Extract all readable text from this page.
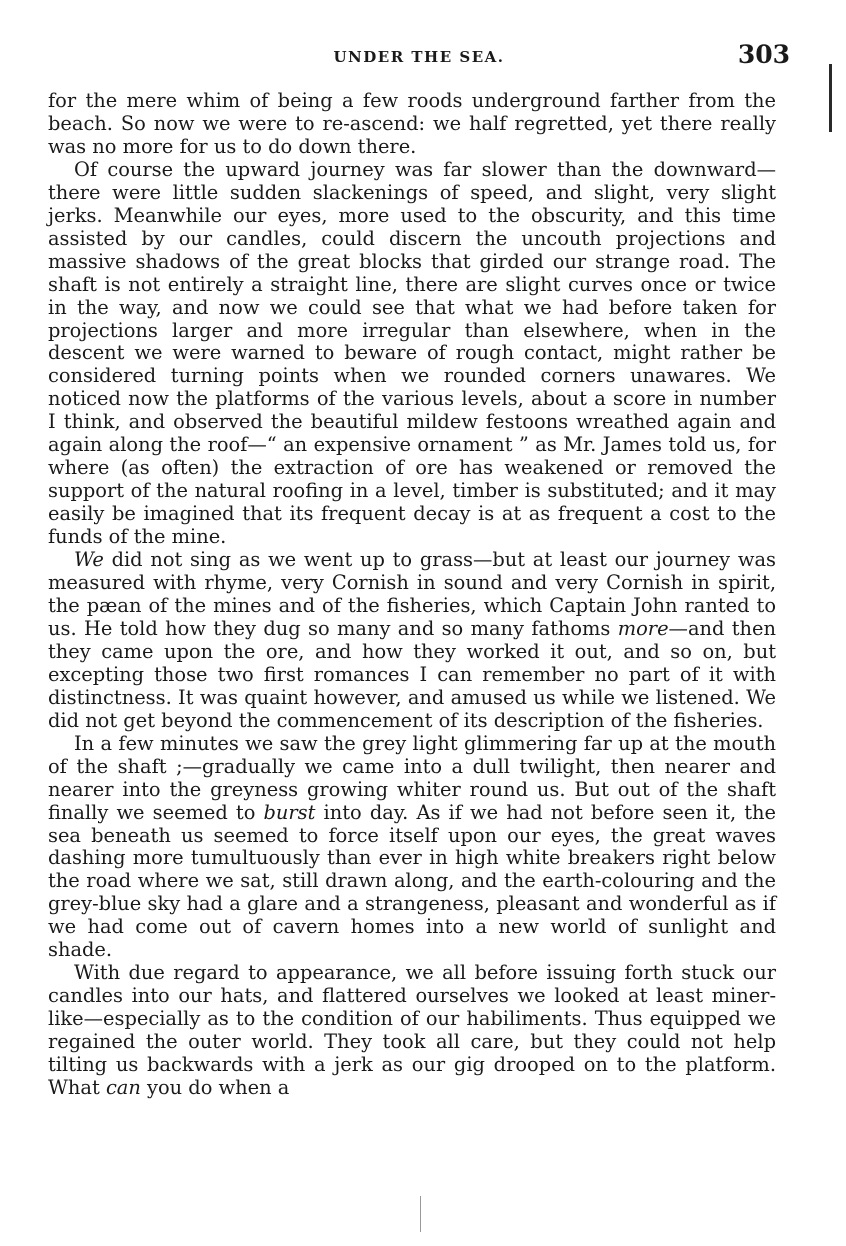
UNDER THE SEA.	303

for the mere whim of being a few roods underground farther from the beach. So now we were to re-ascend: we half regretted, yet there really was no more for us to do down there.

Of course the upward journey was far slower than the downward—there were little sudden slackenings of speed, and slight, very slight jerks. Meanwhile our eyes, more used to the obscurity, and this time assisted by our candles, could discern the uncouth projections and massive shadows of the great blocks that girded our strange road. The shaft is not entirely a straight line, there are slight curves once or twice in the way, and now we could see that what we had before taken for projections larger and more irregular than elsewhere, when in the descent we were warned to beware of rough contact, might rather be considered turning points when we rounded corners unawares. We noticed now the platforms of the various levels, about a score in number I think, and observed the beautiful mildew festoons wreathed again and again along the roof—“ an expensive ornament ” as Mr. James told us, for where (as often) the extraction of ore has weakened or removed the support of the natural roofing in a level, timber is substituted; and it may easily be imagined that its frequent decay is at as frequent a cost to the funds of the mine.

We did not sing as we went up to grass—but at least our journey was measured with rhyme, very Cornish in sound and very Cornish in spirit, the pæan of the mines and of the fisheries, which Captain John ranted to us. He told how they dug so many and so many fathoms more—and then they came upon the ore, and how they worked it out, and so on, but excepting those two first romances I can remember no part of it with distinctness. It was quaint however, and amused us while we listened. We did not get beyond the commencement of its description of the fisheries.

In a few minutes we saw the grey light glimmering far up at the mouth of the shaft ;—gradually we came into a dull twilight, then nearer and nearer into the greyness growing whiter round us. But out of the shaft finally we seemed to burst into day. As if we had not before seen it, the sea beneath us seemed to force itself upon our eyes, the great waves dashing more tumultuously than ever in high white breakers right below the road where we sat, still drawn along, and the earth-colouring and the grey-blue sky had a glare and a strangeness, pleasant and wonderful as if we had come out of cavern homes into a new world of sunlight and shade.

With due regard to appearance, we all before issuing forth stuck our candles into our hats, and flattered ourselves we looked at least miner-like—especially as to the condition of our habiliments. Thus equipped we regained the outer world. They took all care, but they could not help tilting us backwards with a jerk as our gig drooped on to the platform. What can you do when a
